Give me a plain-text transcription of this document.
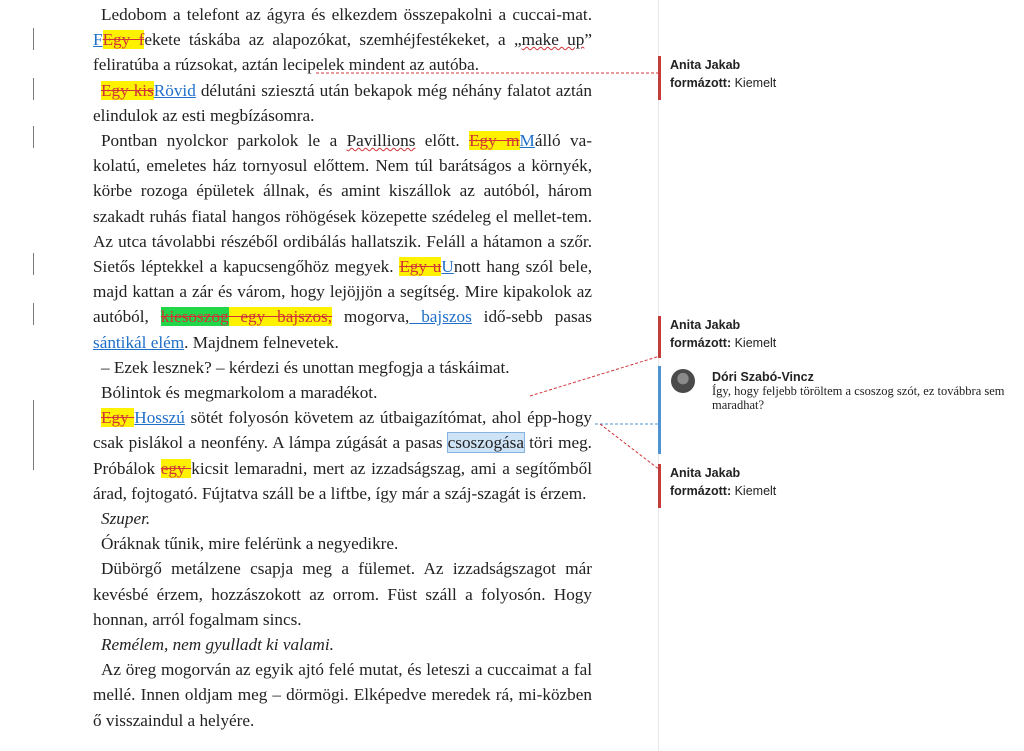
Ledobom a telefont az ágyra és elkezdem összepakolni a cuccai-mat. FEgy fekete táskába az alapozókat, szemhéjfestékeket, a „make up” feliratúba a rúzsokat, aztán lecipelek mindent az autóba.

Egy kisRövid délutáni sziesztá után bekapok még néhány falatot aztán elindulok az esti megbízásomra.

Pontban nyolckor parkolok le a Pavillions előtt. Egy mMálló va-kolatú, emeletes ház tornyosul előttem. Nem túl barátságos a környék, körbe rozoga épületek állnak, és amint kiszállok az autóból, három szakadt ruhás fiatal hangos röhögések közepette szédeleg el mellet-tem. Az utca távolabbi részéből ordibálás hallatszik. Feláll a hátamon a szőr. Sietős léptekkel a kapucsengőhöz megyek. Egy uUnott hang szól bele, majd kattan a zár és várom, hogy lejöjjön a segítség. Mire kipakolok az autóból, kiesoszog egy bajszos, mogorva, bajszos idő-sebb pasas sántikál elém. Majdnem felnevetek.

– Ezek lesznek? – kérdezi és unottan megfogja a táskáimat.

Bólintok és megmarkolom a maradékot.

Egy Hosszú sötét folyosón követem az útbaigazítómat, ahol épp-hogy csak pislákol a neonfény. A lámpa zúgását a pasas csoszogása töri meg. Próbálok egy kicsit lemaradni, mert az izzadságszag, ami a segítőmből árad, fojtogató. Fújtatva száll be a liftbe, így már a száj-szagát is érzem.

Szuper.

Óráknak tűnik, mire felérünk a negyedikre.

Dübörgő metálzene csapja meg a fülemet. Az izzadságszagot már kevésbé érzem, hozzászokott az orrom. Füst száll a folyosón. Hogy honnan, arról fogalmam sincs.

Remélem, nem gyulladt ki valami.

Az öreg mogorván az egyik ajtó felé mutat, és leteszi a cuccaimat a fal mellé. Innen oldjam meg – dörmögi. Elképedve meredek rá, mi-közben ő visszaindul a helyére.

Anita Jakab
formázott: Kiemelt
Anita Jakab
formázott: Kiemelt
Dóri Szabó-Vincz
Így, hogy feljebb töröltem a csoszog szót, ez továbbra sem maradhat?
Anita Jakab
formázott: Kiemelt
